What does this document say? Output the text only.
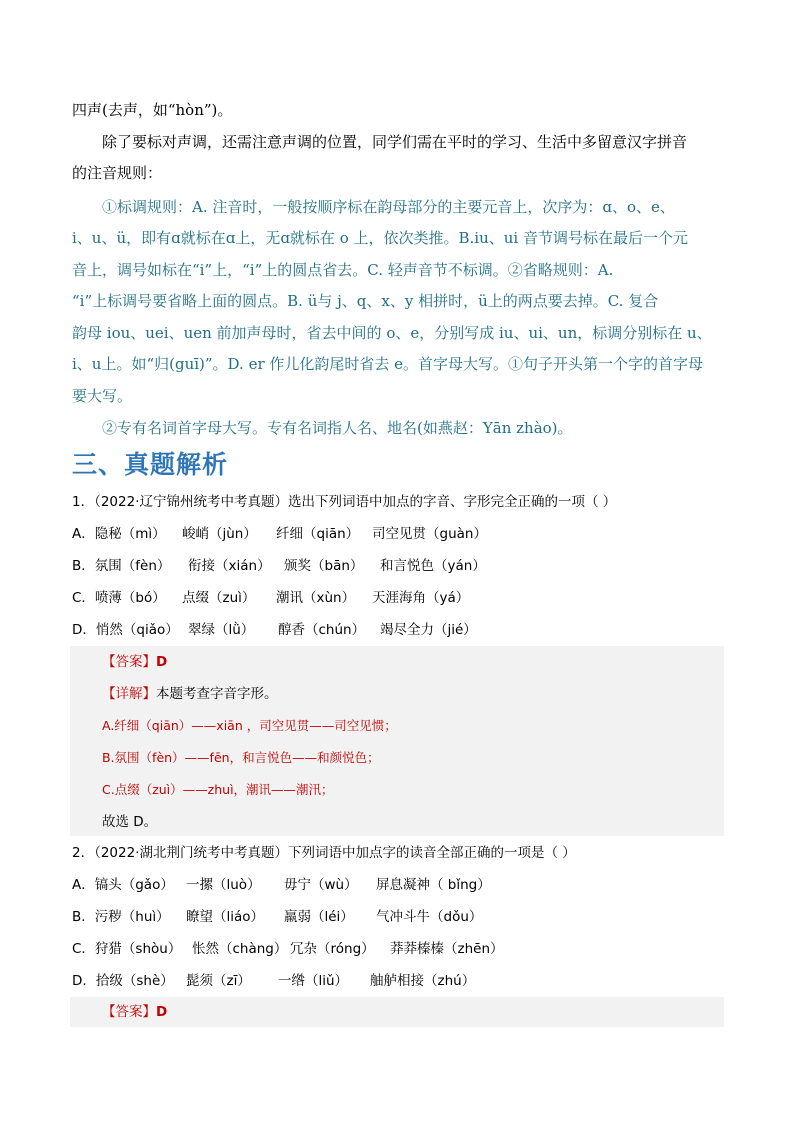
四声(去声，如“hòn”)。
除了要标对声调，还需注意声调的位置，同学们需在平时的学习、生活中多留意汉字拼音
的注音规则：
①标调规则：A. 注音时，一般按顺序标在韵母部分的主要元音上，次序为：ɑ、o、e、
i、u、ü，即有ɑ就标在ɑ上，无ɑ就标在 o 上，依次类推。B.iu、ui 音节调号标在最后一个元
音上，调号如标在“i”上，“i”上的圆点省去。C. 轻声音节不标调。②省略规则：A.
“i”上标调号要省略上面的圆点。B. ü与 j、q、x、y 相拼时，ü上的两点要去掉。C. 复合
韵母 iou、uei、uen 前加声母时，省去中间的 o、e，分别写成 iu、ui、un，标调分别标在 u、
i、u上。如“归(guī)”。D. er 作儿化韵尾时省去 e。首字母大写。①句子开头第一个字的首字母
要大写。
②专有名词首字母大写。专有名词指人名、地名(如燕赵：Yān zhào)。
三、真题解析
1．（2022·辽宁锦州统考中考真题）选出下列词语中加点的字音、字形完全正确的一项（ ）
A．隐秘（mì） 峻峭（jùn） 纤细（qiān） 司空见贯（guàn）
B．氛围（fèn） 衔接（xián） 颁奖（bān） 和言悦色（yán）
C．喷薄（bó） 点缀（zuì） 潮讯（xùn） 天涯海角（yá）
D．悄然（qiǎo） 翠绿（lǜ） 醇香（chún） 竭尽全力（jié）
【答案】D
【详解】本题考查字音字形。
A.纤细（qiān）——xiān ，司空见贯——司空见惯；
B.氛围（fèn）——fēn，和言悦色——和颜悦色；
C.点缀（zuì）——zhuì，潮讯——潮汛；
故选 D。
2．（2022·湖北荆门统考中考真题）下列词语中加点字的读音全部正确的一项是（ ）
A．镐头（gǎo） 一摞（luò） 毋宁（wù） 屏息凝神（ bǐng）
B．污秽（huì） 瞭望（liáo） 羸弱（léi） 气冲斗牛（dǒu）
C．狩猎（shòu） 怅然（chàng） 冗杂（róng） 莽莽榛榛（zhēn）
D．拾级（shè） 髭须（zī） 一绺（liǔ） 舳舻相接（zhú）
【答案】D
